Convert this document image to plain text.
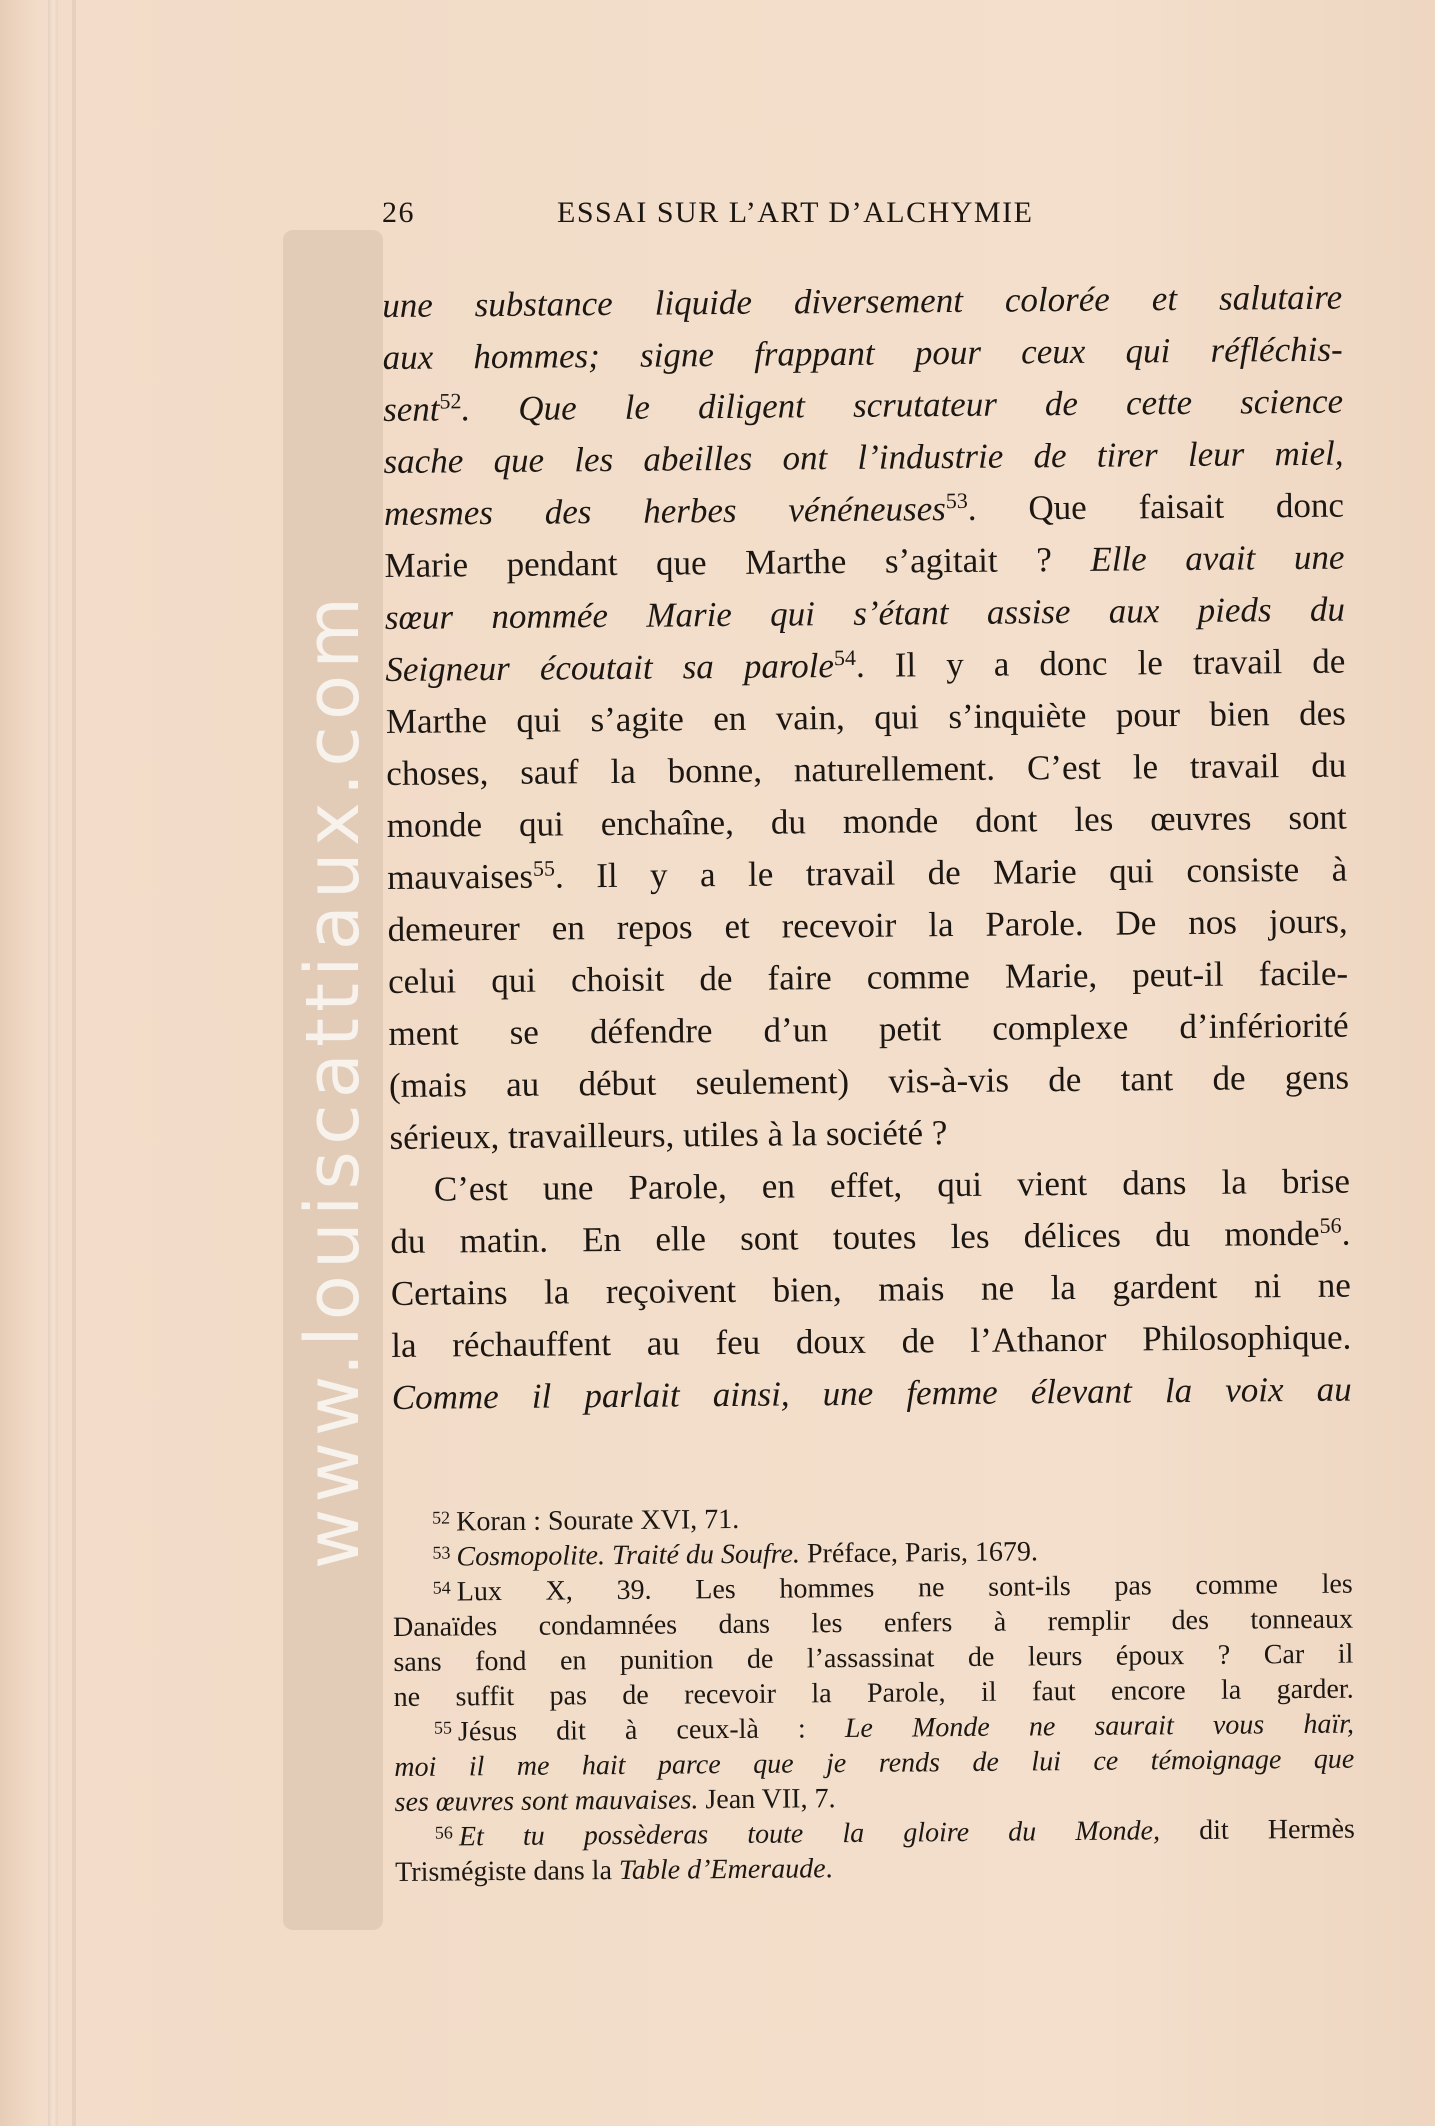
www.louiscattiaux.com
26	ESSAI SUR L’ART D’ALCHYMIE
une substance liquide diversement colorée et salutaire
aux hommes; signe frappant pour ceux qui réfléchis-
sent$^{52}$. Que le diligent scrutateur de cette science
sache que les abeilles ont l’industrie de tirer leur miel,
mesmes des herbes vénéneuses$^{53}$. Que faisait donc
Marie pendant que Marthe s’agitait ? Elle avait une
sœur nommée Marie qui s’étant assise aux pieds du
Seigneur écoutait sa parole$^{54}$. Il y a donc le travail de
Marthe qui s’agite en vain, qui s’inquiète pour bien des
choses, sauf la bonne, naturellement. C’est le travail du
monde qui enchaîne, du monde dont les œuvres sont
mauvaises$^{55}$. Il y a le travail de Marie qui consiste à
demeurer en repos et recevoir la Parole. De nos jours,
celui qui choisit de faire comme Marie, peut-il facile-
ment se défendre d’un petit complexe d’infériorité
(mais au début seulement) vis-à-vis de tant de gens
sérieux, travailleurs, utiles à la société ?
C’est une Parole, en effet, qui vient dans la brise
du matin. En elle sont toutes les délices du monde$^{56}$.
Certains la reçoivent bien, mais ne la gardent ni ne
la réchauffent au feu doux de l’Athanor Philosophique.
Comme il parlait ainsi, une femme élevant la voix au
$^{52}$ Koran : Sourate XVI, 71.
$^{53}$ Cosmopolite. Traité du Soufre. Préface, Paris, 1679.
$^{54}$ Lux X, 39. Les hommes ne sont-ils pas comme les
Danaïdes condamnées dans les enfers à remplir des tonneaux
sans fond en punition de l’assassinat de leurs époux ? Car il
ne suffit pas de recevoir la Parole, il faut encore la garder.
$^{55}$ Jésus dit à ceux-là : Le Monde ne saurait vous haïr,
moi il me hait parce que je rends de lui ce témoignage que
ses œuvres sont mauvaises. Jean VII, 7.
$^{56}$ Et tu possèderas toute la gloire du Monde, dit Hermès
Trismégiste dans la Table d’Emeraude.
